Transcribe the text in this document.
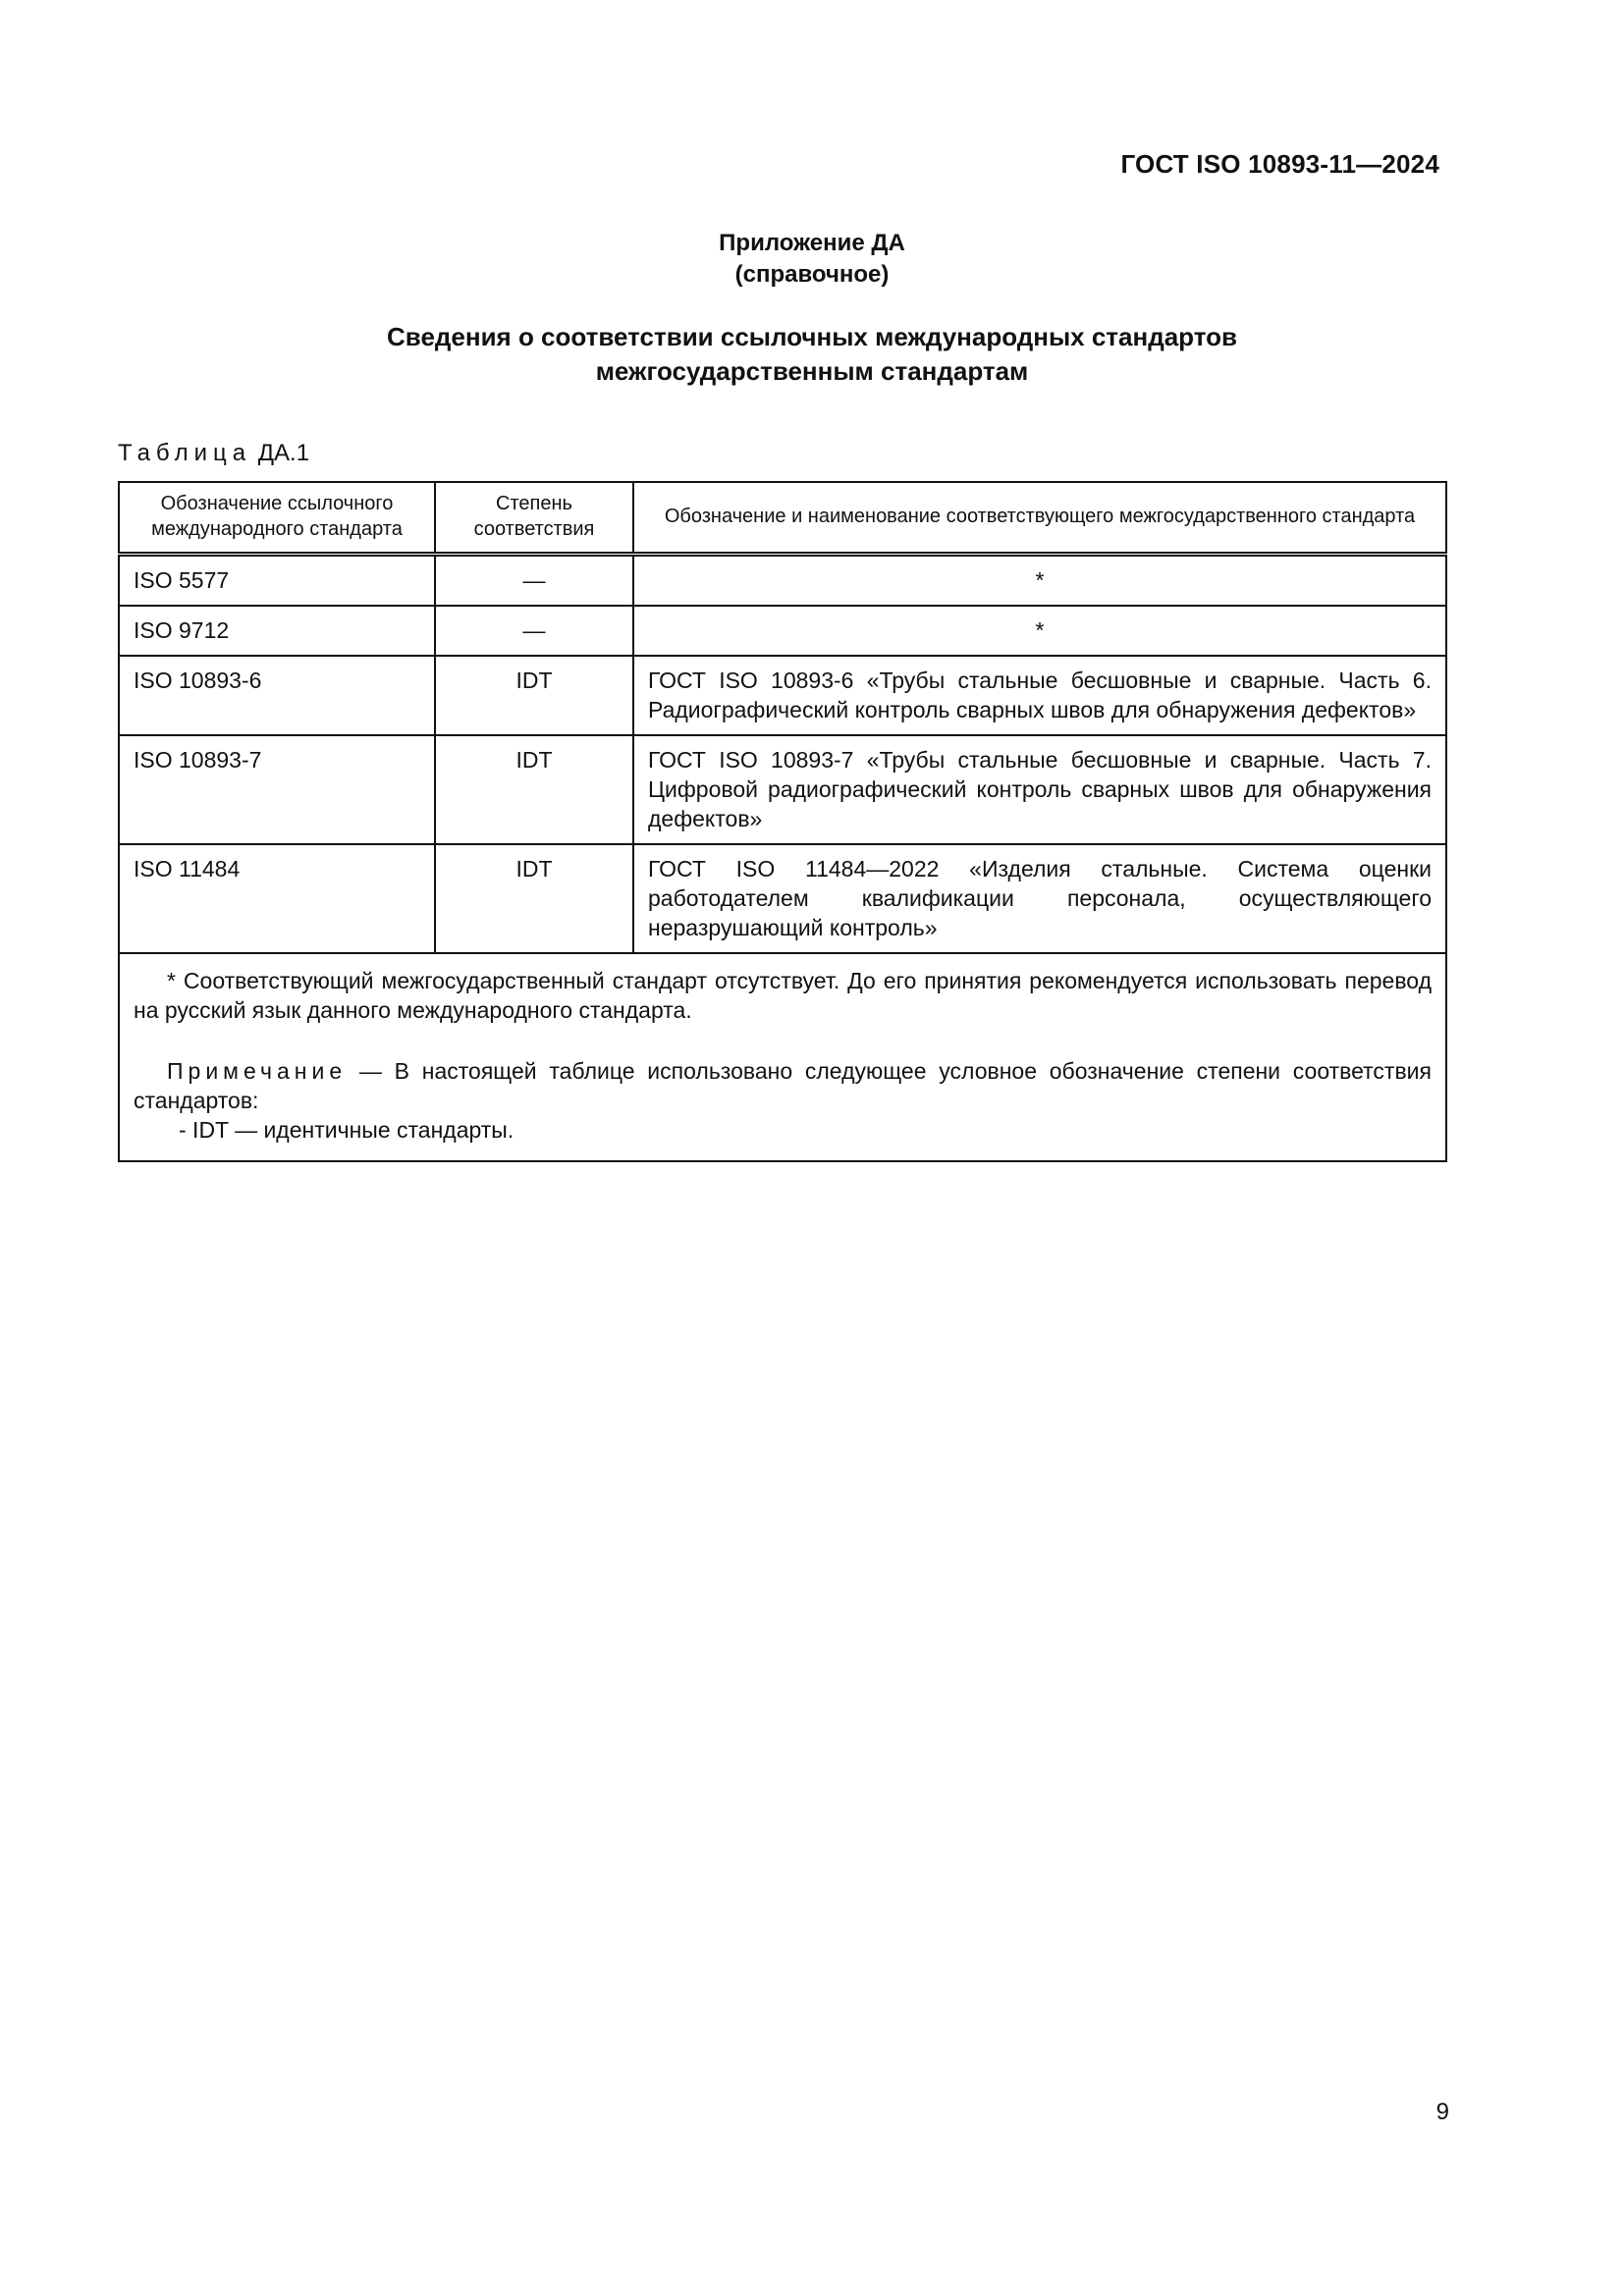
ГОСТ ISO 10893-11—2024
Приложение ДА
(справочное)
Сведения о соответствии ссылочных международных стандартов
межгосударственным стандартам
Таблица ДА.1
Обозначение ссылочного международного стандарта	Степень соответствия	Обозначение и наименование соответствующего межгосударственного стандарта
ISO 5577	—	*
ISO 9712	—	*
ISO 10893-6	IDT	ГОСТ ISO 10893-6 «Трубы стальные бесшовные и сварные. Часть 6. Радиографический контроль сварных швов для обнаружения дефектов»
ISO 10893-7	IDT	ГОСТ ISO 10893-7 «Трубы стальные бесшовные и сварные. Часть 7. Цифровой радиографический контроль сварных швов для обнаружения дефектов»
ISO 11484	IDT	ГОСТ ISO 11484—2022 «Изделия стальные. Система оценки работодателем квалификации персонала, осуществляющего неразрушающий контроль»

* Соответствующий межгосударственный стандарт отсутствует. До его принятия рекомендуется использовать перевод на русский язык данного международного стандарта.

Примечание — В настоящей таблице использовано следующее условное обозначение степени соответствия стандартов:

- IDT — идентичные стандарты.		

9
